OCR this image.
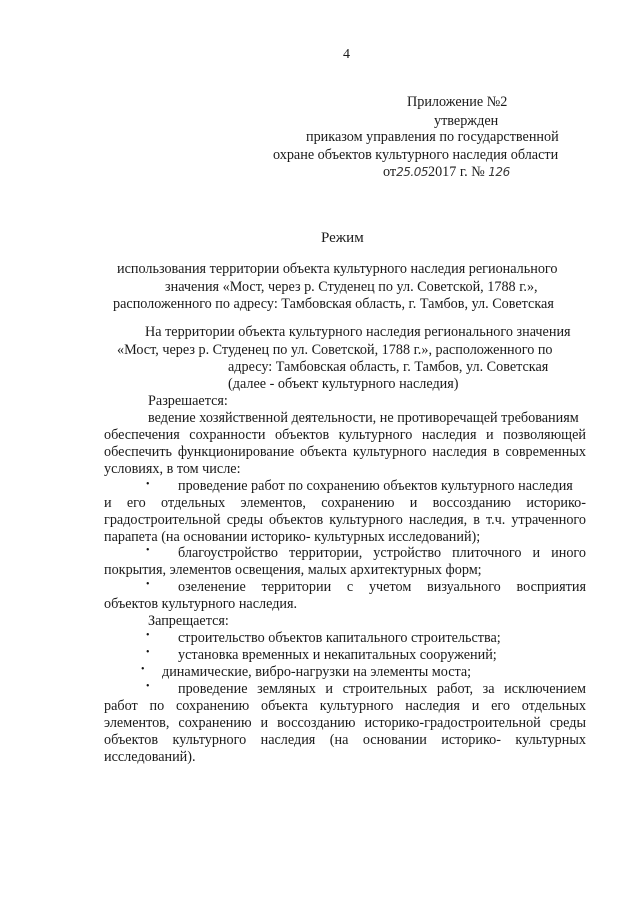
4
Приложение №2
утвержден
приказом управления по государственной
охране объектов культурного наследия области
от25.052017 г. № 126
Режим
использования территории объекта культурного наследия регионального
значения «Мост, через р. Студенец по ул. Советской, 1788 г.»,
расположенного по адресу: Тамбовская область, г. Тамбов, ул. Советская
На территории объекта культурного наследия регионального значения
«Мост, через р. Студенец по ул. Советской, 1788 г.», расположенного по
адресу: Тамбовская область, г. Тамбов, ул. Советская
(далее - объект культурного наследия)
Разрешается:
ведение хозяйственной деятельности, не противоречащей требованиям
обеспечения сохранности объектов культурного наследия и позволяющей
обеспечить функционирование объекта культурного наследия в современных
условиях, в том числе:
• проведение работ по сохранению объектов культурного наследия
и его отдельных элементов, сохранению и воссозданию историко-
градостроительной среды объектов культурного наследия, в т.ч. утраченного
парапета (на основании историко- культурных исследований);
• благоустройство территории, устройство плиточного и иного
покрытия, элементов освещения, малых архитектурных форм;
• озеленение территории с учетом визуального восприятия
объектов культурного наследия.
Запрещается:
• строительство объектов капитального строительства;
• установка временных и некапитальных сооружений;
• динамические, вибро-нагрузки на элементы моста;
• проведение земляных и строительных работ, за исключением
работ по сохранению объекта культурного наследия и его отдельных
элементов, сохранению и воссозданию историко-градостроительной среды
объектов культурного наследия (на основании историко- культурных
исследований).
